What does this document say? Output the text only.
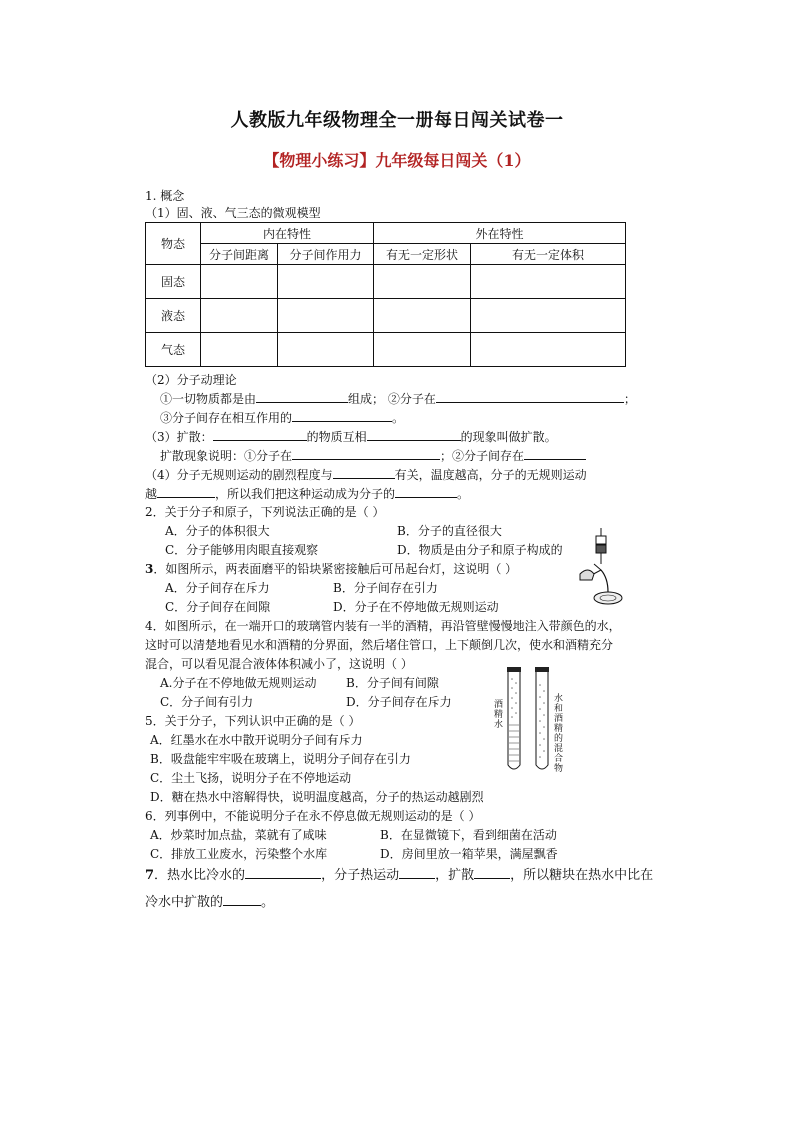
人教版九年级物理全一册每日闯关试卷一
【物理小练习】九年级每日闯关（1）
1. 概念
（1）固、液、气三态的微观模型
物态	内在特性		外在特性	
	分子间距离	分子间作用力	有无一定形状	有无一定体积
固态				
液态				
气态				
（2）分子动理论
①一切物质都是由	组成； ②分子在	；
③分子间存在相互作用的	。
（3）扩散：	的物质互相	的现象叫做扩散。
扩散现象说明：①分子在	；②分子间存在
（4）分子无规则运动的剧烈程度与	有关，温度越高，分子的无规则运动
越	，所以我们把这种运动成为分子的	。
2．关于分子和原子，下列说法正确的是（ ）
A．分子的体积很大	B．分子的直径很大
C．分子能够用肉眼直接观察	D．物质是由分子和原子构成的
3．如图所示，两表面磨平的铅块紧密接触后可吊起台灯，这说明（ ）
A．分子间存在斥力	B．分子间存在引力
C．分子间存在间隙	D．分子在不停地做无规则运动
4．如图所示，在一端开口的玻璃管内装有一半的酒精，再沿管壁慢慢地注入带颜色的水，
这时可以清楚地看见水和酒精的分界面，然后堵住管口，上下颠倒几次，使水和酒精充分
混合，可以看见混合液体体积减小了，这说明（ ）
A.分子在不停地做无规则运动 B．分子间有间隙
C．分子间有引力	D．分子间存在斥力	酒精水
水和酒精的混合物
5．关于分子，下列认识中正确的是（ ）
A．红墨水在水中散开说明分子间有斥力
B．吸盘能牢牢吸在玻璃上，说明分子间存在引力
C．尘土飞扬，说明分子在不停地运动
D．糖在热水中溶解得快，说明温度越高，分子的热运动越剧烈
6．列事例中，不能说明分子在永不停息做无规则运动的是（ ）
A．炒菜时加点盐，菜就有了咸味	B．在显微镜下，看到细菌在活动
C．排放工业废水，污染整个水库	D．房间里放一箱苹果，满屋飘香
7．热水比冷水的	，分子热运动	，扩散	，所以糖块在热水中比在
冷水中扩散的	。
